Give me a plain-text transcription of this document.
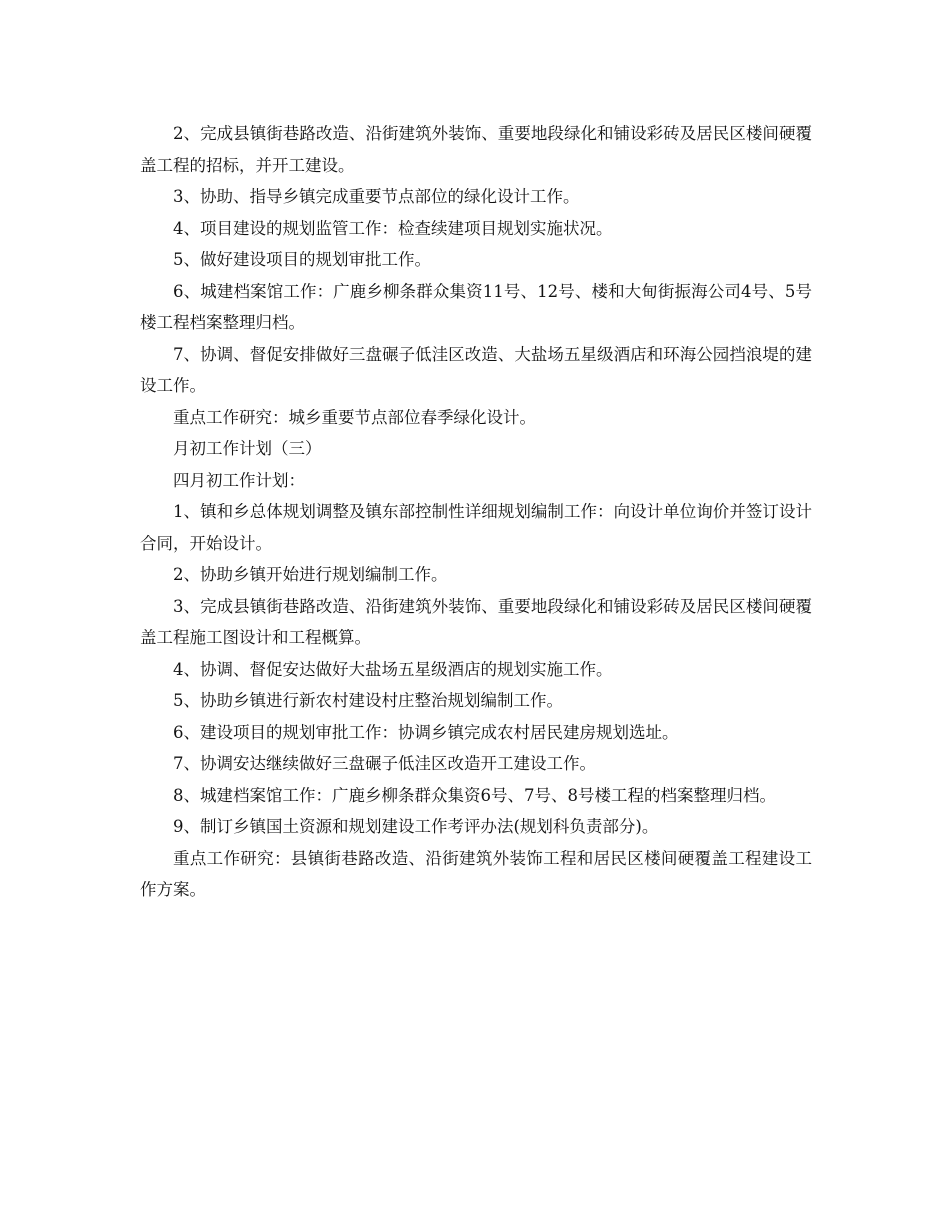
2、完成县镇街巷路改造、沿街建筑外装饰、重要地段绿化和铺设彩砖及居民区楼间硬覆盖工程的招标，并开工建设。

3、协助、指导乡镇完成重要节点部位的绿化设计工作。

4、项目建设的规划监管工作：检查续建项目规划实施状况。

5、做好建设项目的规划审批工作。

6、城建档案馆工作：广鹿乡柳条群众集资11号、12号、楼和大甸街振海公司4号、5号楼工程档案整理归档。

7、协调、督促安排做好三盘碾子低洼区改造、大盐场五星级酒店和环海公园挡浪堤的建设工作。

重点工作研究：城乡重要节点部位春季绿化设计。

月初工作计划（三）

四月初工作计划：

1、镇和乡总体规划调整及镇东部控制性详细规划编制工作：向设计单位询价并签订设计合同，开始设计。

2、协助乡镇开始进行规划编制工作。

3、完成县镇街巷路改造、沿街建筑外装饰、重要地段绿化和铺设彩砖及居民区楼间硬覆盖工程施工图设计和工程概算。

4、协调、督促安达做好大盐场五星级酒店的规划实施工作。

5、协助乡镇进行新农村建设村庄整治规划编制工作。

6、建设项目的规划审批工作：协调乡镇完成农村居民建房规划选址。

7、协调安达继续做好三盘碾子低洼区改造开工建设工作。

8、城建档案馆工作：广鹿乡柳条群众集资6号、7号、8号楼工程的档案整理归档。

9、制订乡镇国土资源和规划建设工作考评办法(规划科负责部分)。

重点工作研究：县镇街巷路改造、沿街建筑外装饰工程和居民区楼间硬覆盖工程建设工作方案。
